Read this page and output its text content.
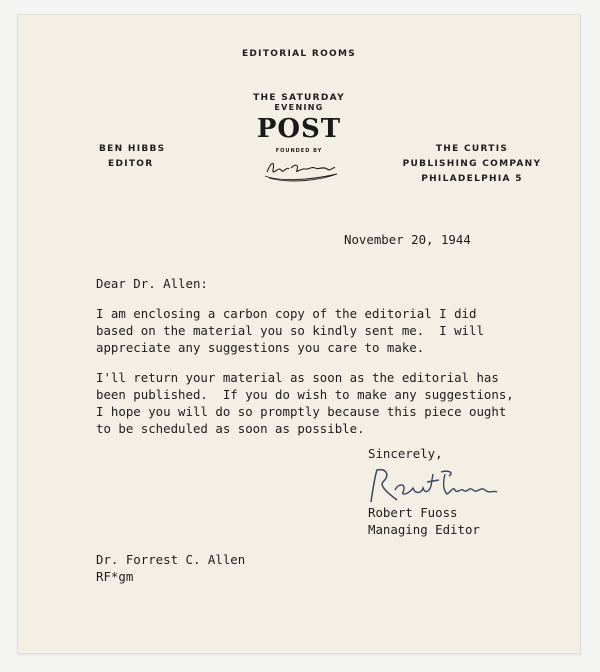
EDITORIAL ROOMS
THE SATURDAY
EVENING
POST
FOUNDED BY
BEN HIBBS
EDITOR
THE CURTIS
PUBLISHING COMPANY
PHILADELPHIA 5
November 20, 1944
Dear Dr. Allen:
I am enclosing a carbon copy of the editorial I did
based on the material you so kindly sent me.  I will
appreciate any suggestions you care to make.
I'll return your material as soon as the editorial has
been published.  If you do wish to make any suggestions,
I hope you will do so promptly because this piece ought
to be scheduled as soon as possible.
Sincerely,
Robert Fuoss
Managing Editor
Dr. Forrest C. Allen
RF*gm
